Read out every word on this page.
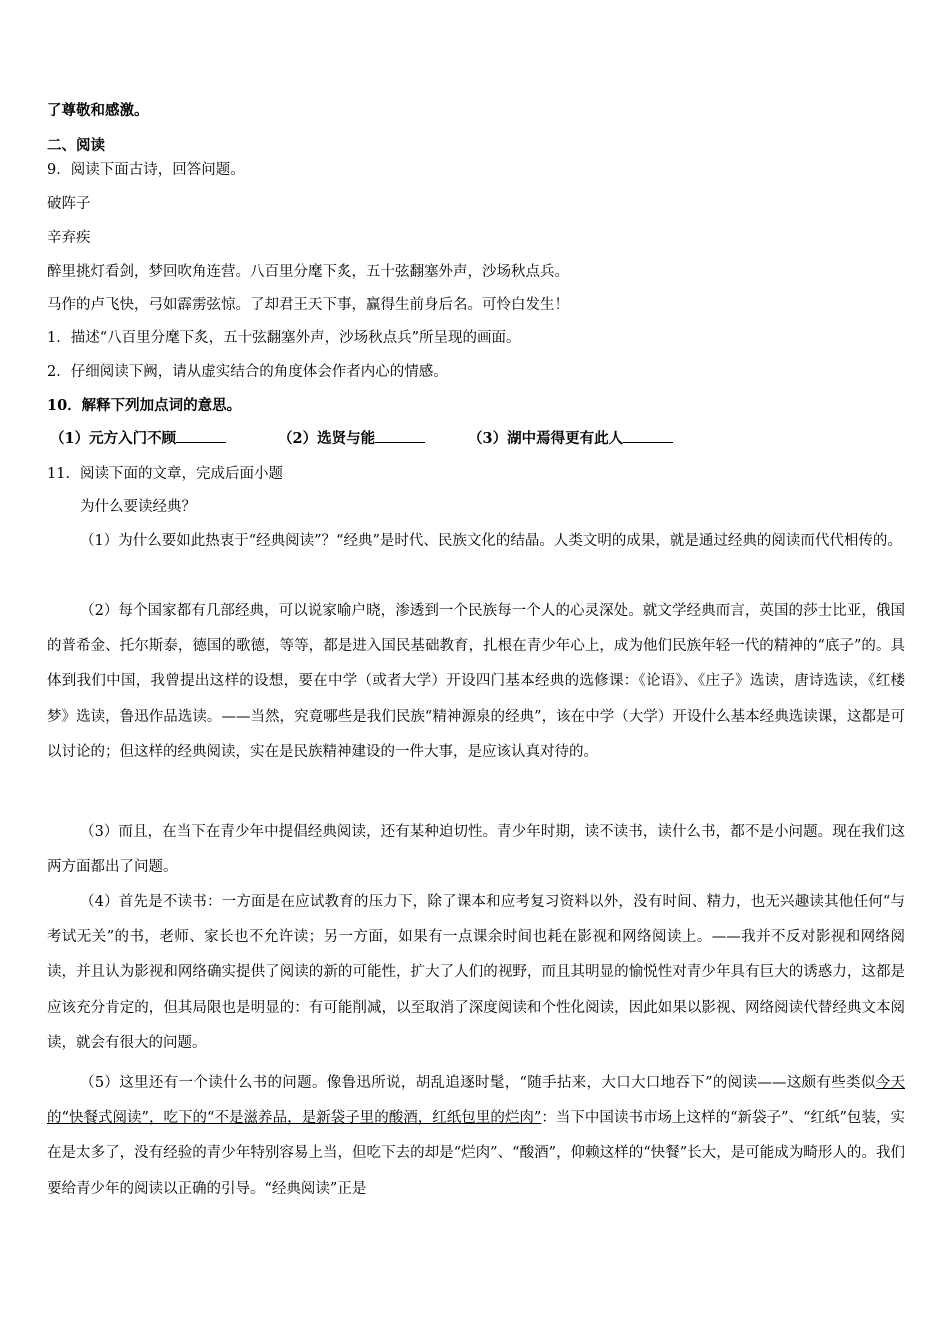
了尊敬和感激。
二、阅读
9．阅读下面古诗，回答问题。
破阵子
辛弃疾
醉里挑灯看剑，梦回吹角连营。八百里分麾下炙，五十弦翻塞外声，沙场秋点兵。
马作的卢飞快，弓如霹雳弦惊。了却君王天下事，赢得生前身后名。可怜白发生！
1．描述“八百里分麾下炙，五十弦翻塞外声，沙场秋点兵”所呈现的画面。
2．仔细阅读下阙，请从虚实结合的角度体会作者内心的情感。
10．解释下列加点词的意思。
（1）元方入门不顾	（2）选贤与能	（3）湖中焉得更有此人
11．阅读下面的文章，完成后面小题
为什么要读经典？

（1）为什么要如此热衷于“经典阅读”？“经典”是时代、民族文化的结晶。人类文明的成果，就是通过经典的阅读而代代相传的。

（2）每个国家都有几部经典，可以说家喻户晓，渗透到一个民族每一个人的心灵深处。就文学经典而言，英国的莎士比亚，俄国的普希金、托尔斯泰，德国的歌德，等等，都是进入国民基础教育，扎根在青少年心上，成为他们民族年轻一代的精神的“底子”的。具体到我们中国，我曾提出这样的设想，要在中学（或者大学）开设四门基本经典的选修课：《论语》、《庄子》选读，唐诗选读，《红楼梦》选读，鲁迅作品选读。——当然，究竟哪些是我们民族“精神源泉的经典”，该在中学（大学）开设什么基本经典选读课，这都是可以讨论的；但这样的经典阅读，实在是民族精神建设的一件大事，是应该认真对待的。

（3）而且，在当下在青少年中提倡经典阅读，还有某种迫切性。青少年时期，读不读书，读什么书，都不是小问题。现在我们这两方面都出了问题。

（4）首先是不读书：一方面是在应试教育的压力下，除了课本和应考复习资料以外，没有时间、精力，也无兴趣读其他任何“与考试无关”的书，老师、家长也不允许读；另一方面，如果有一点课余时间也耗在影视和网络阅读上。——我并不反对影视和网络阅读，并且认为影视和网络确实提供了阅读的新的可能性，扩大了人们的视野，而且其明显的愉悦性对青少年具有巨大的诱惑力，这都是应该充分肯定的，但其局限也是明显的：有可能削减，以至取消了深度阅读和个性化阅读，因此如果以影视、网络阅读代替经典文本阅读，就会有很大的问题。

（5）这里还有一个读什么书的问题。像鲁迅所说，胡乱追逐时髦，“随手拈来，大口大口地吞下”的阅读——这颇有些类似今天的“快餐式阅读”，吃下的“不是滋养品，是新袋子里的酸酒，红纸包里的烂肉”：当下中国读书市场上这样的“新袋子”、“红纸”包装，实在是太多了，没有经验的青少年特别容易上当，但吃下去的却是“烂肉”、“酸酒”，仰赖这样的“快餐”长大，是可能成为畸形人的。我们要给青少年的阅读以正确的引导。“经典阅读”正是
